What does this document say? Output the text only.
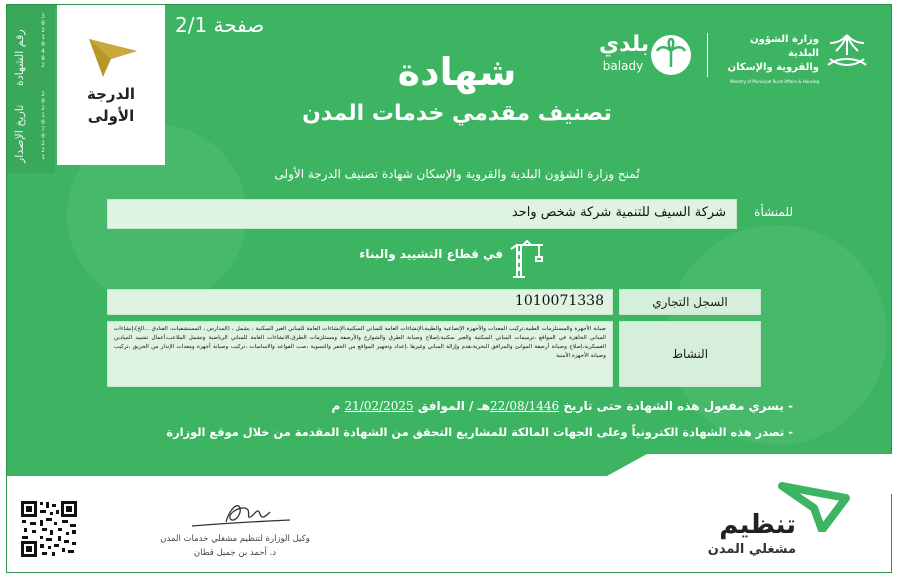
صفحة 2/1
وزارة الشؤون البلدية
والقروية والإسكان
Ministry of Municipal Rural Affairs & Housing
بلدي
balady
شهادة
تصنيف مقدمي خدمات المدن
رقم الشهادة
3
0
2
1
0
4
8
2
تاريخ الإصدار
2
0
2
1
0
7
0
2
2
1
الدرجة
الأولى
تُمنح وزارة الشؤون البلدية والقروية والإسكان شهادة تصنيف الدرجة الأولى
للمنشأة
شركة السيف للتنمية شركة شخص واحد
في قطاع التشييد والبناء
1010071338	السجل التجاري
صيانة الأجهزة والمستلزمات الطبية،تركيب المعدات والأجهزة الإتصاعية والطبية،الإنشاءات العامة للمباني السكنية،الإنشاءات العامة للمباني الغير السكنية ، يشمل ، (المدارس ، المستشفيات، الفنادق ...الخ)،إنشاءات المباني الجاهزة في المواقع ،ترميمات المباني السكنية والغير سكنية،إصلاح وصيانة الطرق والشوارع والأرصفة ومستلزمات الطرق،الانشاءات العامة للمباني الرياضية وتشمل الملاعب،أعمال تشييد الميادين العسكرية،إصلاح وصيانة أرصفة الموانئ والمرافق البحرية،هدم وإزالة المباني وغيرها ،إعداد وتجهيز المواقع من الحفر والتسوية ،صب القواعد والاساسات ،تركيب وصيانة أجهزة ومعدات الإنذار من الحريق ،تركيب وصيانة الأجهزة الأمنية	النشاط
- يسري مفعول هذه الشهادة حتى تاريخ 22/08/1446هـ / الموافق 21/02/2025 م
- تصدر هذه الشهادة الكترونياً وعلى الجهات المالكة للمشاريع التحقق من الشهادة المقدمة من خلال موقع الوزارة
وكيل الوزارة لتنظيم مشغلي خدمات المدن
د. أحمد بن جميل قطان
تنظيم
مشغلي المدن
